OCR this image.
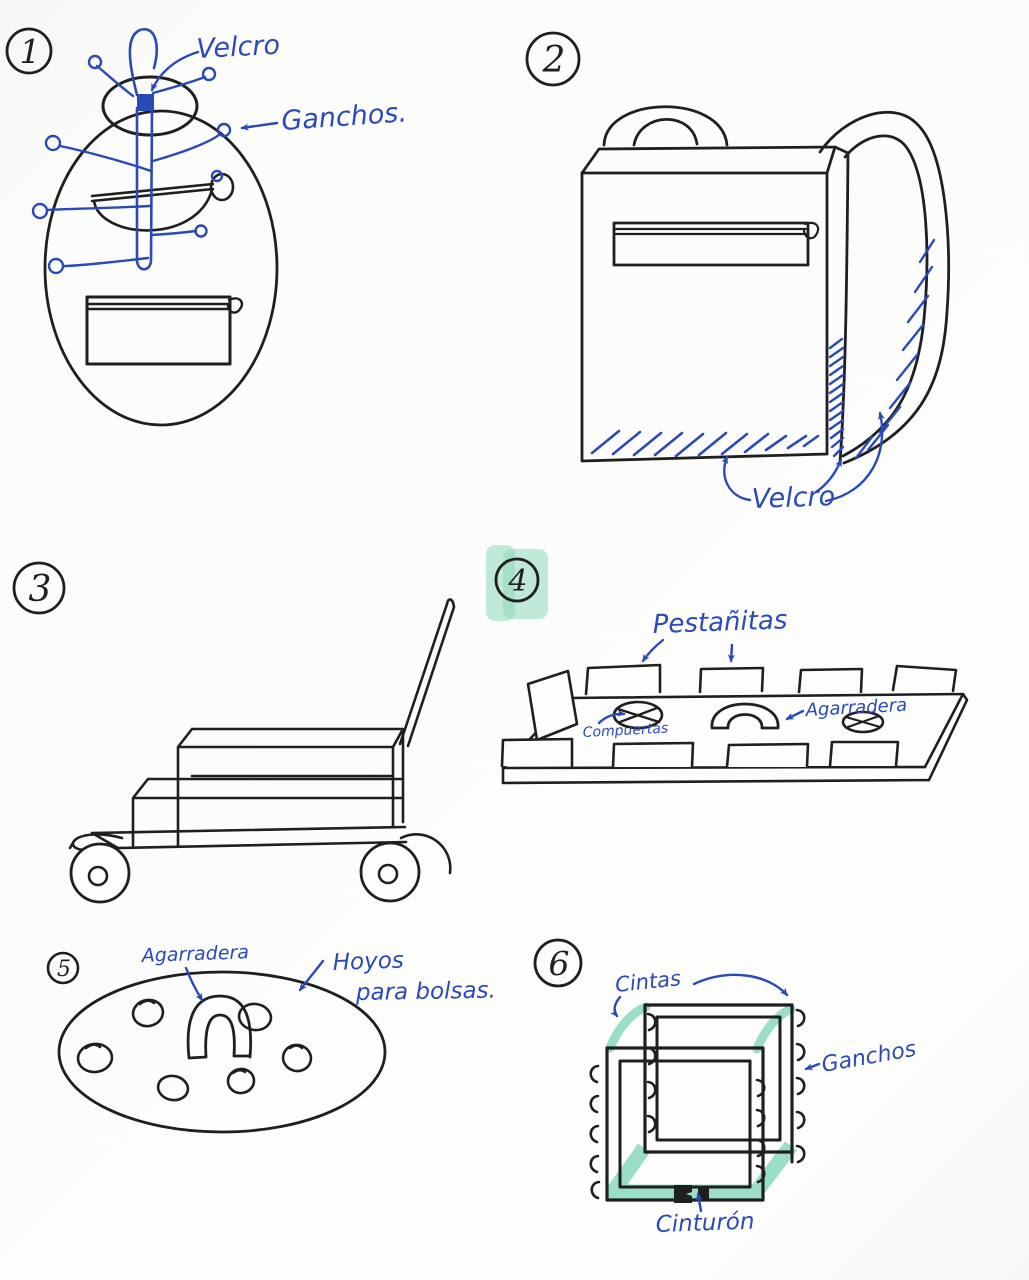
1	Velcro
Ganchos.
2
Velcro
3	4
Pestañitas
Agarradera
Compuertas
5
Agarradera	Hoyos
para bolsas.
6 Cintas
Ganchos
Cinturón
